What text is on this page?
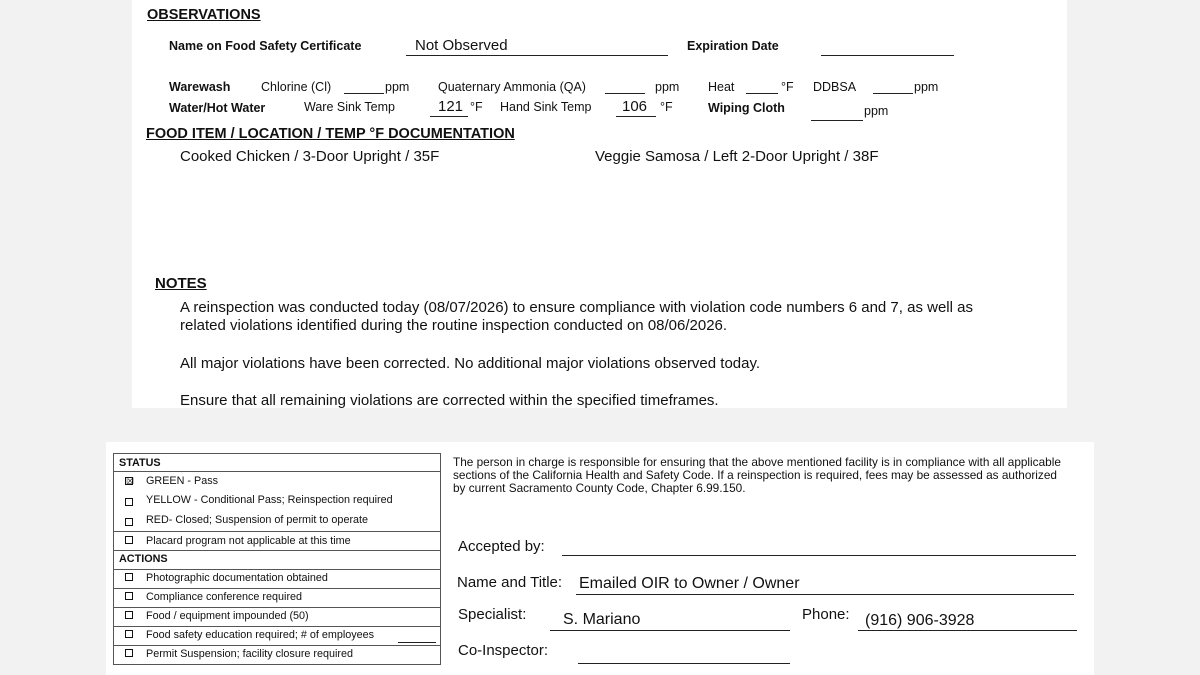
OBSERVATIONS
Name on Food Safety Certificate	Not Observed	Expiration Date
Warewash Chlorine (Cl)	ppm Quaternary Ammonia (QA)	ppm Heat	°F DDBSA	ppm
Water/Hot Water	Ware Sink Temp	121 °F Hand Sink Temp 106 °F	Wiping Cloth	ppm
FOOD ITEM / LOCATION / TEMP °F DOCUMENTATION
Cooked Chicken / 3-Door Upright / 35F	Veggie Samosa / Left 2-Door Upright / 38F
NOTES
A reinspection was conducted today (08/07/2026) to ensure compliance with violation code numbers 6 and 7, as well as
related violations identified during the routine inspection conducted on 08/06/2026.
All major violations have been corrected. No additional major violations observed today.
Ensure that all remaining violations are corrected within the specified timeframes.
STATUS
☒ GREEN - Pass
YELLOW - Conditional Pass; Reinspection required
RED- Closed; Suspension of permit to operate
Placard program not applicable at this time
ACTIONS
Photographic documentation obtained
Compliance conference required
Food / equipment impounded (50)
Food safety education required; # of employees
Permit Suspension; facility closure required
The person in charge is responsible for ensuring that the above mentioned facility is in compliance with all applicable sections of the California Health and Safety Code. If a reinspection is required, fees may be assessed as authorized by current Sacramento County Code, Chapter 6.99.150.
Accepted by:
Name and Title: Emailed OIR to Owner / Owner
Specialist: S. Mariano	Phone: (916) 906-3928
Co-Inspector:
